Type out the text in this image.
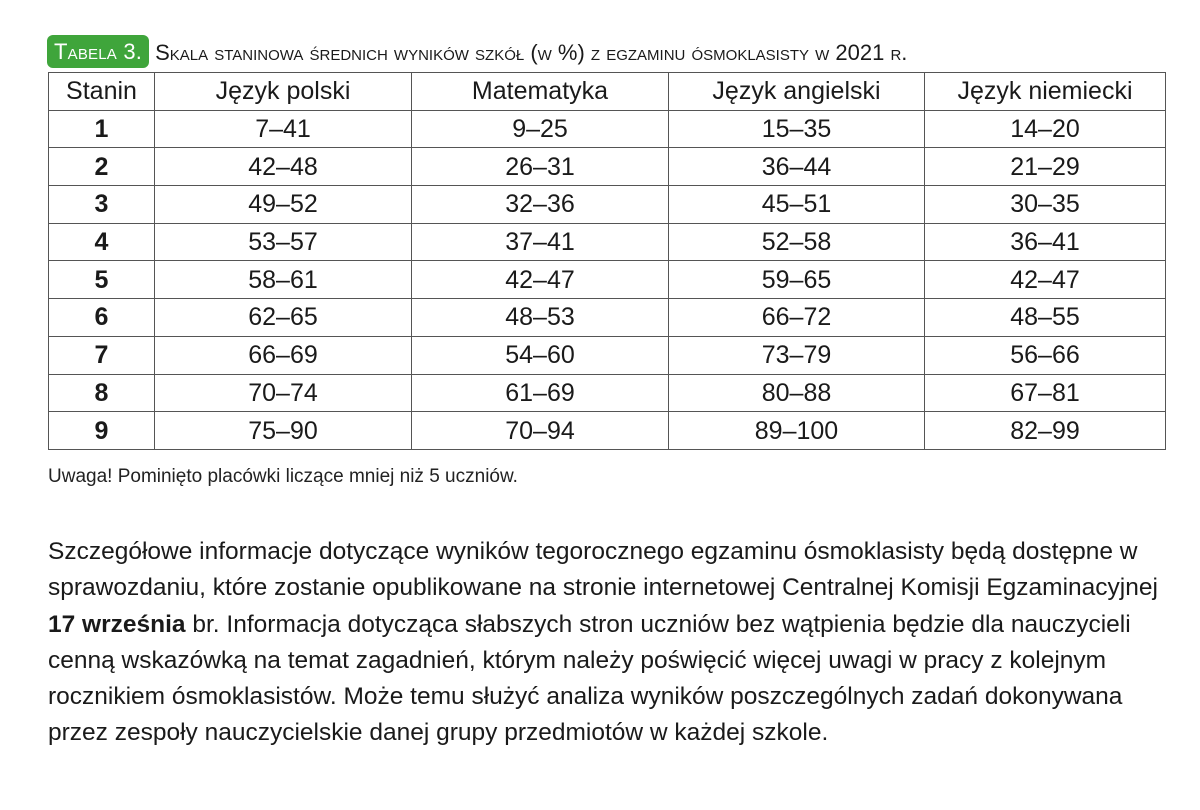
Tabela 3. Skala staninowa średnich wyników szkół (w %) z egzaminu ósmoklasisty w 2021 r.
Stanin	Język polski	Matematyka	Język angielski	Język niemiecki
1	7–41	9–25	15–35	14–20
2	42–48	26–31	36–44	21–29
3	49–52	32–36	45–51	30–35
4	53–57	37–41	52–58	36–41
5	58–61	42–47	59–65	42–47
6	62–65	48–53	66–72	48–55
7	66–69	54–60	73–79	56–66
8	70–74	61–69	80–88	67–81
9	75–90	70–94	89–100	82–99
Uwaga! Pominięto placówki liczące mniej niż 5 uczniów.

Szczegółowe informacje dotyczące wyników tegorocznego egzaminu ósmoklasisty będą dostępne w sprawozdaniu, które zostanie opublikowane na stronie internetowej Centralnej Komisji Egzaminacyjnej 17 września br. Informacja dotycząca słabszych stron uczniów bez wątpienia będzie dla nauczycieli cenną wskazówką na temat zagadnień, którym należy poświęcić więcej uwagi w pracy z kolejnym rocznikiem ósmoklasistów. Może temu służyć analiza wyników poszczególnych zadań dokonywana przez zespoły nauczycielskie danej grupy przedmiotów w każdej szkole.
